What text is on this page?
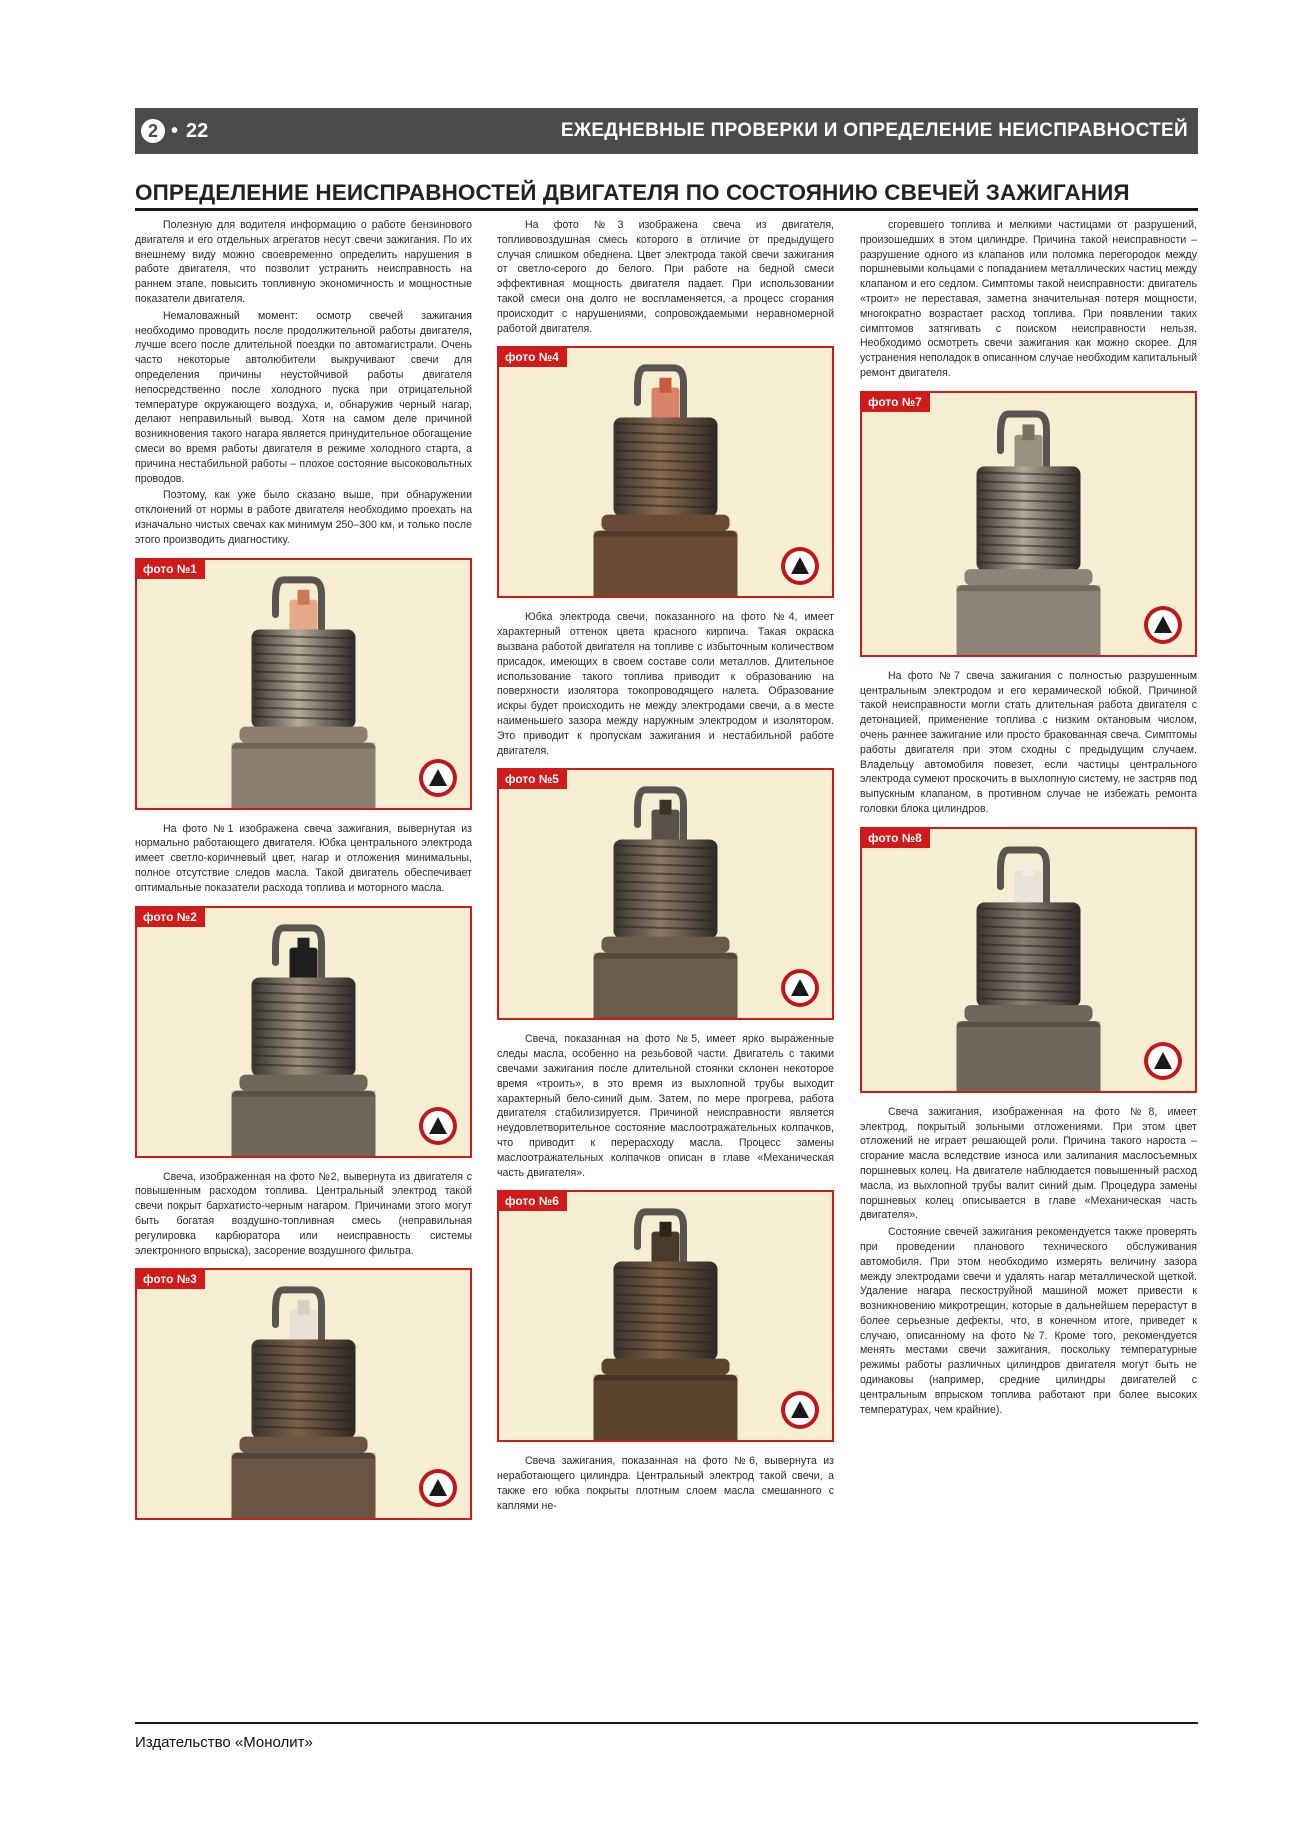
2 • 22	ЕЖЕДНЕВНЫЕ ПРОВЕРКИ И ОПРЕДЕЛЕНИЕ НЕИСПРАВНОСТЕЙ
ОПРЕДЕЛЕНИЕ НЕИСПРАВНОСТЕЙ ДВИГАТЕЛЯ ПО СОСТОЯНИЮ СВЕЧЕЙ ЗАЖИГАНИЯ

Полезную для водителя информацию о работе бензинового двигателя и его отдельных агрегатов несут свечи зажигания. По их внешнему виду можно своевременно определить нарушения в работе двигателя, что позволит устранить неисправность на раннем этапе, повысить топливную экономичность и мощностные показатели двигателя.

Немаловажный момент: осмотр свечей зажигания необходимо проводить после продолжительной работы двигателя, лучше всего после длительной поездки по автомагистрали. Очень часто некоторые автолюбители выкручивают свечи для определения причины неустойчивой работы двигателя непосредственно после холодного пуска при отрицательной температуре окружающего воздуха, и, обнаружив черный нагар, делают неправильный вывод. Хотя на самом деле причиной возникновения такого нагара является принудительное обогащение смеси во время работы двигателя в режиме холодного старта, а причина нестабильной работы – плохое состояние высоковольтных проводов.

Поэтому, как уже было сказано выше, при обнаружении отклонений от нормы в работе двигателя необходимо проехать на изначально чистых свечах как минимум 250–300 км, и только после этого производить диагностику.

фото №1

На фото №1 изображена свеча зажигания, вывернутая из нормально работающего двигателя. Юбка центрального электрода имеет светло-коричневый цвет, нагар и отложения минимальны, полное отсутствие следов масла. Такой двигатель обеспечивает оптимальные показатели расхода топлива и моторного масла.

фото №2

Свеча, изображенная на фото №2, вывернута из двигателя с повышенным расходом топлива. Центральный электрод такой свечи покрыт бархатисто-черным нагаром. Причинами этого могут быть богатая воздушно-топливная смесь (неправильная регулировка карбюратора или неисправность системы электронного впрыска), засорение воздушного фильтра.

фото №3

На фото №3 изображена свеча из двигателя, топливовоздушная смесь которого в отличие от предыдущего случая слишком обеднена. Цвет электрода такой свечи зажигания от светло-серого до белого. При работе на бедной смеси эффективная мощность двигателя падает. При использовании такой смеси она долго не воспламеняется, а процесс сгорания происходит с нарушениями, сопровождаемыми неравномерной работой двигателя.

фото №4

Юбка электрода свечи, показанного на фото №4, имеет характерный оттенок цвета красного кирпича. Такая окраска вызвана работой двигателя на топливе с избыточным количеством присадок, имеющих в своем составе соли металлов. Длительное использование такого топлива приводит к образованию на поверхности изолятора токопроводящего налета. Образование искры будет происходить не между электродами свечи, а в месте наименьшего зазора между наружным электродом и изолятором. Это приводит к пропускам зажигания и нестабильной работе двигателя.

фото №5

Свеча, показанная на фото №5, имеет ярко выраженные следы масла, особенно на резьбовой части. Двигатель с такими свечами зажигания после длительной стоянки склонен некоторое время «троить», в это время из выхлопной трубы выходит характерный бело-синий дым. Затем, по мере прогрева, работа двигателя стабилизируется. Причиной неисправности является неудовлетворительное состояние маслоотражательных колпачков, что приводит к перерасходу масла. Процесс замены маслоотражательных колпачков описан в главе «Механическая часть двигателя».

фото №6

Свеча зажигания, показанная на фото №6, вывернута из неработающего цилиндра. Центральный электрод такой свечи, а также его юбка покрыты плотным слоем масла смешанного с каплями не-

сгоревшего топлива и мелкими частицами от разрушений, произошедших в этом цилиндре. Причина такой неисправности – разрушение одного из клапанов или поломка перегородок между поршневыми кольцами с попаданием металлических частиц между клапаном и его седлом. Симптомы такой неисправности: двигатель «троит» не переставая, заметна значительная потеря мощности, многократно возрастает расход топлива. При появлении таких симптомов затягивать с поиском неисправности нельзя. Необходимо осмотреть свечи зажигания как можно скорее. Для устранения неполадок в описанном случае необходим капитальный ремонт двигателя.

фото №7

На фото №7 свеча зажигания с полностью разрушенным центральным электродом и его керамической юбкой. Причиной такой неисправности могли стать длительная работа двигателя с детонацией, применение топлива с низким октановым числом, очень раннее зажигание или просто бракованная свеча. Симптомы работы двигателя при этом сходны с предыдущим случаем. Владельцу автомобиля повезет, если частицы центрального электрода сумеют проскочить в выхлопную систему, не застряв под выпускным клапаном, в противном случае не избежать ремонта головки блока цилиндров.

фото №8

Свеча зажигания, изображенная на фото №8, имеет электрод, покрытый зольными отложениями. При этом цвет отложений не играет решающей роли. Причина такого нароста – сгорание масла вследствие износа или залипания маслосъемных поршневых колец. На двигателе наблюдается повышенный расход масла, из выхлопной трубы валит синий дым. Процедура замены поршневых колец описывается в главе «Механическая часть двигателя».

Состояние свечей зажигания рекомендуется также проверять при проведении планового технического обслуживания автомобиля. При этом необходимо измерять величину зазора между электродами свечи и удалять нагар металлической щеткой. Удаление нагара пескоструйной машиной может привести к возникновению микротрещин, которые в дальнейшем перерастут в более серьезные дефекты, что, в конечном итоге, приведет к случаю, описанному на фото №7. Кроме того, рекомендуется менять местами свечи зажигания, поскольку температурные режимы работы различных цилиндров двигателя могут быть не одинаковы (например, средние цилиндры двигателей с центральным впрыском топлива работают при более высоких температурах, чем крайние).

Издательство «Монолит»
